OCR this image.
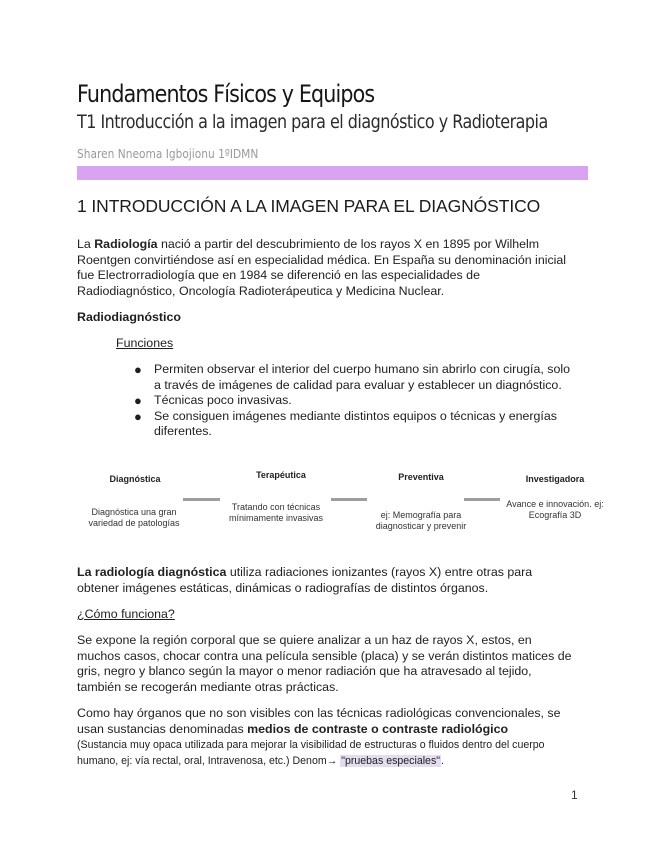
Fundamentos Físicos y Equipos
T1 Introducción a la imagen para el diagnóstico y Radioterapia
Sharen Nneoma Igbojionu 1ºIDMN
1 INTRODUCCIÓN A LA IMAGEN PARA EL DIAGNÓSTICO

La Radiología nació a partir del descubrimiento de los rayos X en 1895 por Wilhelm Roentgen convirtiéndose así en especialidad médica. En España su denominación inicial fue Electrorradiología que en 1984 se diferenció en las especialidades de Radiodiagnóstico, Oncología Radioterápeutica y Medicina Nuclear.

Radiodiagnóstico
Funciones
● Permiten observar el interior del cuerpo humano sin abrirlo con cirugía, solo a través de imágenes de calidad para evaluar y establecer un diagnóstico.
● Técnicas poco invasivas.
● Se consiguen imágenes mediante distintos equipos o técnicas y energías diferentes.
Diagnóstica	Terapéutica	Preventiva	Investigadora
Diagnóstica una gran variedad de patologías
Tratando con técnicas mínimamente invasivas	ej: Memografía para diagnosticar y prevenir
Avance e innovación. ej: Ecografía 3D

La radiología diagnóstica utiliza radiaciones ionizantes (rayos X) entre otras para obtener imágenes estáticas, dinámicas o radiografías de distintos órganos.

¿Cómo funciona?

Se expone la región corporal que se quiere analizar a un haz de rayos X, estos, en muchos casos, chocar contra una película sensible (placa) y se verán distintos matices de gris, negro y blanco según la mayor o menor radiación que ha atravesado al tejido, también se recogerán mediante otras prácticas.

Como hay órganos que no son visibles con las técnicas radiológicas convencionales, se usan sustancias denominadas medios de contraste o contraste radiológico
(Sustancia muy opaca utilizada para mejorar la visibilidad de estructuras o fluidos dentro del cuerpo humano, ej: vía rectal, oral, Intravenosa, etc.) Denom→ "pruebas especiales".

1
